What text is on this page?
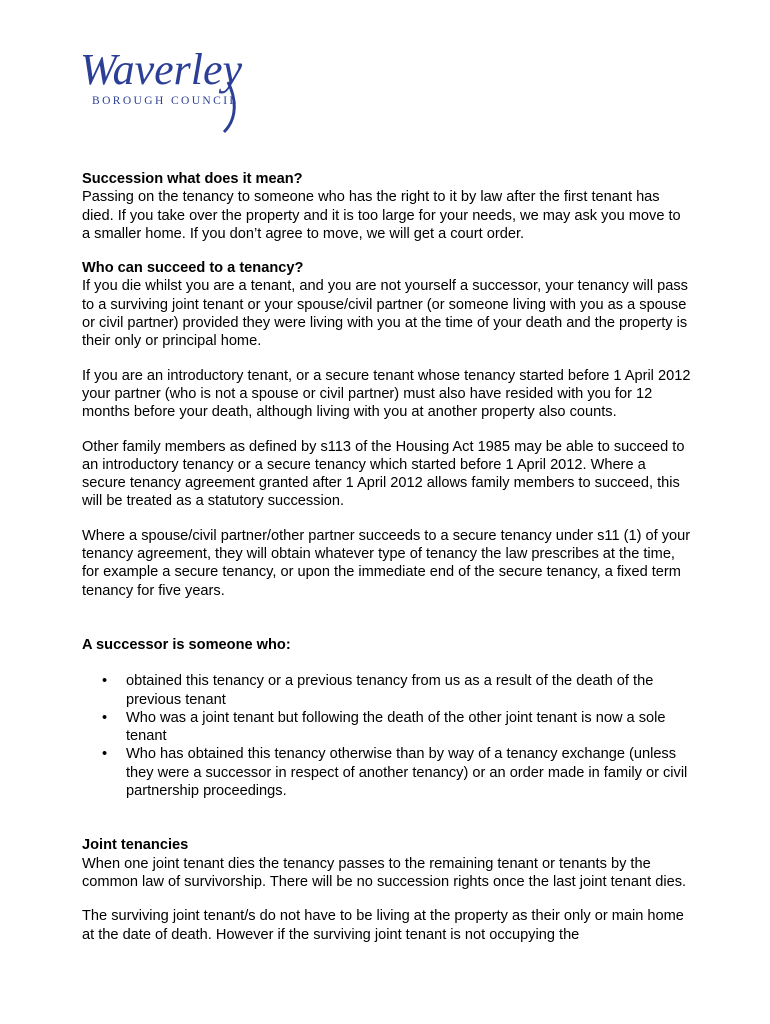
Waverley
BOROUGH COUNCIL
Succession what does it mean?

Passing on the tenancy to someone who has the right to it by law after the first tenant has died. If you take over the property and it is too large for your needs, we may ask you move to a smaller home. If you don’t agree to move, we will get a court order.

Who can succeed to a tenancy?

If you die whilst you are a tenant, and you are not yourself a successor, your tenancy will pass to a surviving joint tenant or your spouse/civil partner (or someone living with you as a spouse or civil partner) provided they were living with you at the time of your death and the property is their only or principal home.

If you are an introductory tenant, or a secure tenant whose tenancy started before 1 April 2012 your partner (who is not a spouse or civil partner) must also have resided with you for 12 months before your death, although living with you at another property also counts.

Other family members as defined by s113 of the Housing Act 1985 may be able to succeed to an introductory tenancy or a secure tenancy which started before 1 April 2012. Where a secure tenancy agreement granted after 1 April 2012 allows family members to succeed, this will be treated as a statutory succession.

Where a spouse/civil partner/other partner succeeds to a secure tenancy under s11 (1) of your tenancy agreement, they will obtain whatever type of tenancy the law prescribes at the time, for example a secure tenancy, or upon the immediate end of the secure tenancy, a fixed term tenancy for five years.

A successor is someone who:
• obtained this tenancy or a previous tenancy from us as a result of the death of the previous tenant
• Who was a joint tenant but following the death of the other joint tenant is now a sole tenant
• Who has obtained this tenancy otherwise than by way of a tenancy exchange (unless they were a successor in respect of another tenancy) or an order made in family or civil partnership proceedings.
Joint tenancies

When one joint tenant dies the tenancy passes to the remaining tenant or tenants by the common law of survivorship. There will be no succession rights once the last joint tenant dies.

The surviving joint tenant/s do not have to be living at the property as their only or main home at the date of death. However if the surviving joint tenant is not occupying the
